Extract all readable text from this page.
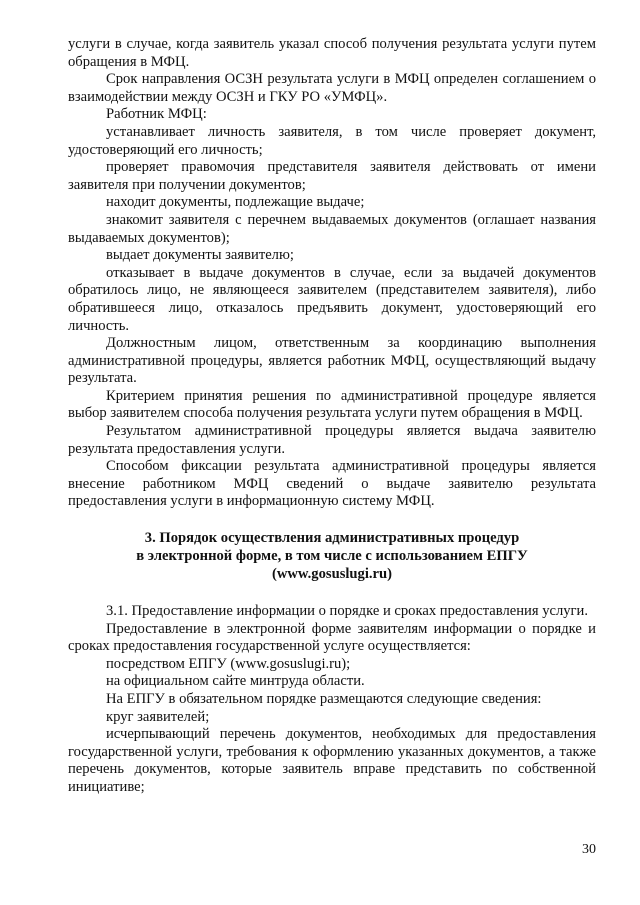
услуги в случае, когда заявитель указал способ получения результата услуги путем обращения в МФЦ.

Срок направления ОСЗН результата услуги в МФЦ определен соглашением о взаимодействии между ОСЗН и ГКУ РО «УМФЦ».

Работник МФЦ:

устанавливает личность заявителя, в том числе проверяет документ, удостоверяющий его личность;

проверяет правомочия представителя заявителя действовать от имени заявителя при получении документов;

находит документы, подлежащие выдаче;

знакомит заявителя с перечнем выдаваемых документов (оглашает названия выдаваемых документов);

выдает документы заявителю;

отказывает в выдаче документов в случае, если за выдачей документов обратилось лицо, не являющееся заявителем (представителем заявителя), либо обратившееся лицо, отказалось предъявить документ, удостоверяющий его личность.

Должностным лицом, ответственным за координацию выполнения административной процедуры, является работник МФЦ, осуществляющий выдачу результата.

Критерием принятия решения по административной процедуре является выбор заявителем способа получения результата услуги путем обращения в МФЦ.

Результатом административной процедуры является выдача заявителю результата предоставления услуги.

Способом фиксации результата административной процедуры является внесение работником МФЦ сведений о выдаче заявителю результата предоставления услуги в информационную систему МФЦ.

3. Порядок осуществления административных процедур
в электронной форме, в том числе с использованием ЕПГУ
(www.gosuslugi.ru)

3.1. Предоставление информации о порядке и сроках предоставления услуги.

Предоставление в электронной форме заявителям информации о порядке и сроках предоставления государственной услуге осуществляется:

посредством ЕПГУ (www.gosuslugi.ru);

на официальном сайте минтруда области.

На ЕПГУ в обязательном порядке размещаются следующие сведения:

круг заявителей;

исчерпывающий перечень документов, необходимых для предоставления государственной услуги, требования к оформлению указанных документов, а также перечень документов, которые заявитель вправе представить по собственной инициативе;

30
